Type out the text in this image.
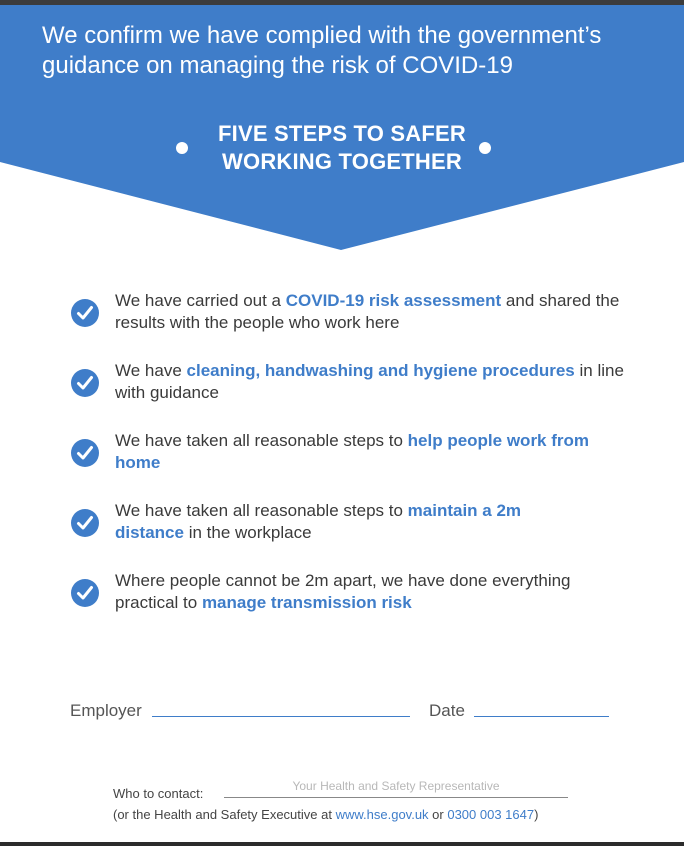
We confirm we have complied with the government’s
guidance on managing the risk of COVID-19
FIVE STEPS TO SAFER
WORKING TOGETHER

We have carried out a COVID-19 risk assessment and shared the results with the people who work here

We have cleaning, handwashing and hygiene procedures in line with guidance

We have taken all reasonable steps to help people work from home

We have taken all reasonable steps to maintain a 2m distance in the workplace

Where people cannot be 2m apart, we have done everything practical to manage transmission risk

Employer	Date
Who to contact:	Your Health and Safety Representative
(or the Health and Safety Executive at www.hse.gov.uk or 0300 003 1647)
